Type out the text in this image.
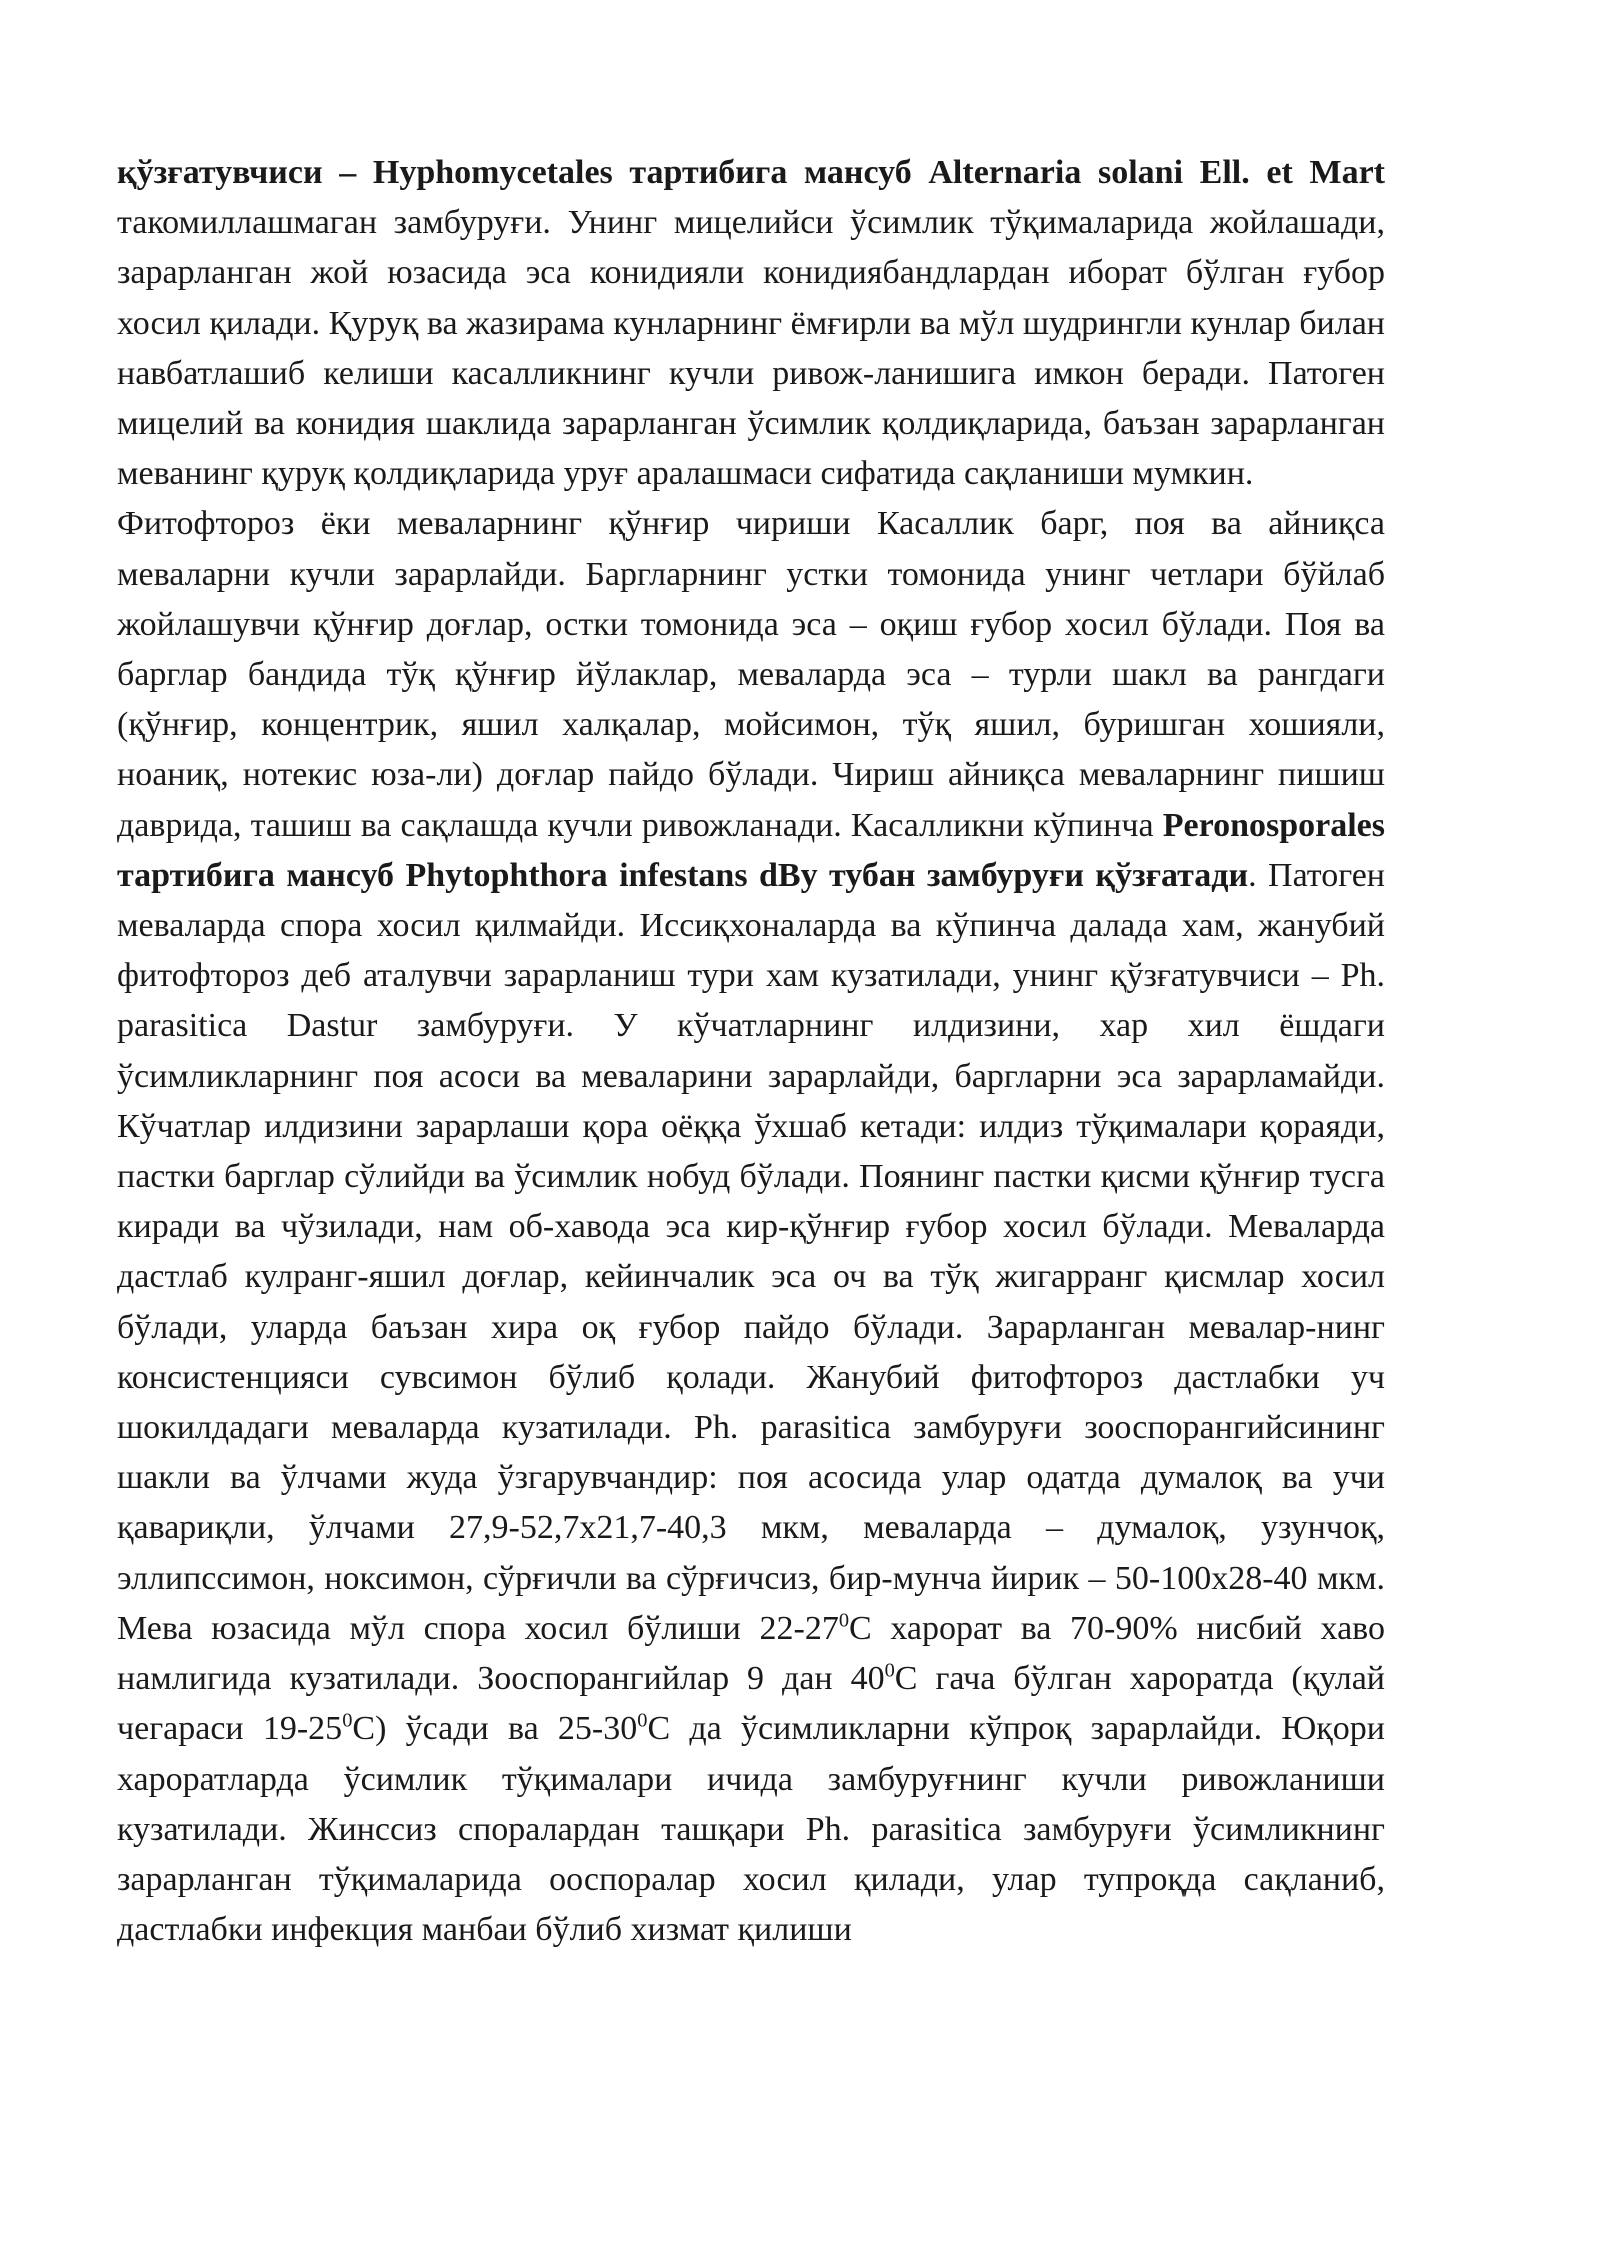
қўзғатувчиси – Hyphomycetales тартибига мансуб Alternaria solani Ell. et Mart такомиллашмаган замбуруғи. Унинг мицелийси ўсимлик тўқималарида жойлашади, зарарланган жой юзасида эса конидияли конидиябандлардан иборат бўлган ғубор хосил қилади. Қуруқ ва жазирама кунларнинг ёмғирли ва мўл шудрингли кунлар билан навбатлашиб келиши касалликнинг кучли ривож-ланишига имкон беради. Патоген мицелий ва конидия шаклида зарарланган ўсимлик қолдиқларида, баъзан зарарланган меванинг қуруқ қолдиқларида уруғ аралашмаси сифатида сақланиши мумкин.

Фитофтороз ёки меваларнинг қўнғир чириши Касаллик барг, поя ва айниқса меваларни кучли зарарлайди. Баргларнинг устки томонида унинг четлари бўйлаб жойлашувчи қўнғир доғлар, остки томонида эса – оқиш ғубор хосил бўлади. Поя ва барглар бандида тўқ қўнғир йўлаклар, меваларда эса – турли шакл ва рангдаги (қўнғир, концентрик, яшил халқалар, мойсимон, тўқ яшил, буришган хошияли, ноаниқ, нотекис юза-ли) доғлар пайдо бўлади. Чириш айниқса меваларнинг пишиш даврида, ташиш ва сақлашда кучли ривожланади. Касалликни кўпинча Peronosporales тартибига мансуб Phytophthora infestans dBy тубан замбуруғи қўзғатади. Патоген меваларда спора хосил қилмайди. Иссиқхоналарда ва кўпинча далада хам, жанубий фитофтороз деб аталувчи зарарланиш тури хам кузатилади, унинг қўзғатувчиси – Ph. parasitica Dastur замбуруғи. У кўчатларнинг илдизини, хар хил ёшдаги ўсимликларнинг поя асоси ва меваларини зарарлайди, баргларни эса зарарламайди. Кўчатлар илдизини зарарлаши қора оёққа ўхшаб кетади: илдиз тўқималари қораяди, пастки барглар сўлийди ва ўсимлик нобуд бўлади. Поянинг пастки қисми қўнғир тусга киради ва чўзилади, нам об-хавода эса кир-қўнғир ғубор хосил бўлади. Меваларда дастлаб кулранг-яшил доғлар, кейинчалик эса оч ва тўқ жигарранг қисмлар хосил бўлади, уларда баъзан хира оқ ғубор пайдо бўлади. Зарарланган мевалар-нинг консистенцияси сувсимон бўлиб қолади. Жанубий фитофтороз дастлабки уч шокилдадаги меваларда кузатилади. Ph. parasitica замбуруғи зооспорангийсининг шакли ва ўлчами жуда ўзгарувчандир: поя асосида улар одатда думалоқ ва учи қавариқли, ўлчами 27,9-52,7х21,7-40,3 мкм, меваларда – думалоқ, узунчоқ, эллипссимон, ноксимон, сўрғичли ва сўрғичсиз, бир-мунча йирик – 50-100х28-40 мкм. Мева юзасида мўл спора хосил бўлиши $22-27^0С$ харорат ва 70-90% нисбий хаво намлигида кузатилади. Зооспорангийлар 9 дан $40^0С$ гача бўлган хароратда (қулай чегараси $19-25^0С$) ўсади ва $25-30^0С$ да ўсимликларни кўпроқ зарарлайди. Юқори хароратларда ўсимлик тўқималари ичида замбуруғнинг кучли ривожланиши кузатилади. Жинссиз споралардан ташқари Ph. parasitica замбуруғи ўсимликнинг зарарланган тўқималарида ооспоралар хосил қилади, улар тупроқда сақланиб, дастлабки инфекция манбаи бўлиб хизмат қилиши
